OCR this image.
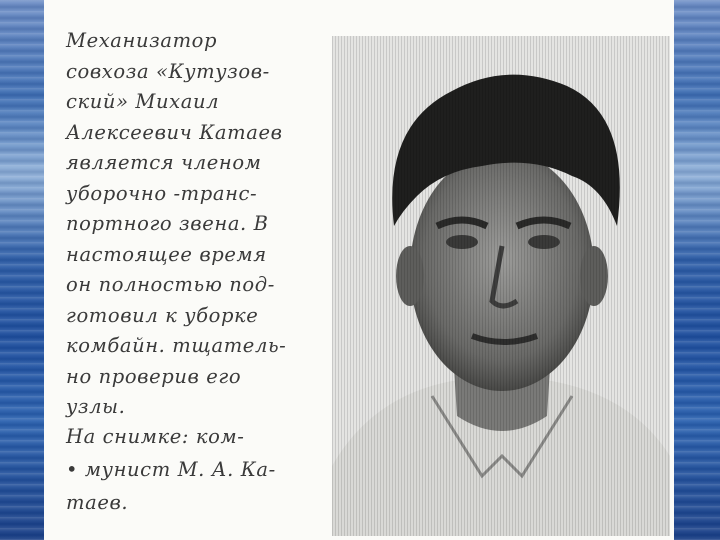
Механизатор
совхоза «Кутузов-
ский» Михаил
Алексеевич Катаев
является членом
уборочно -транс-
портного звена. В
настоящее время
он полностью под-
готовил к уборке
комбайн. тщатель-
но проверив его
узлы.
На снимке: ком-
• мунист М. А. Ка-
таев.
